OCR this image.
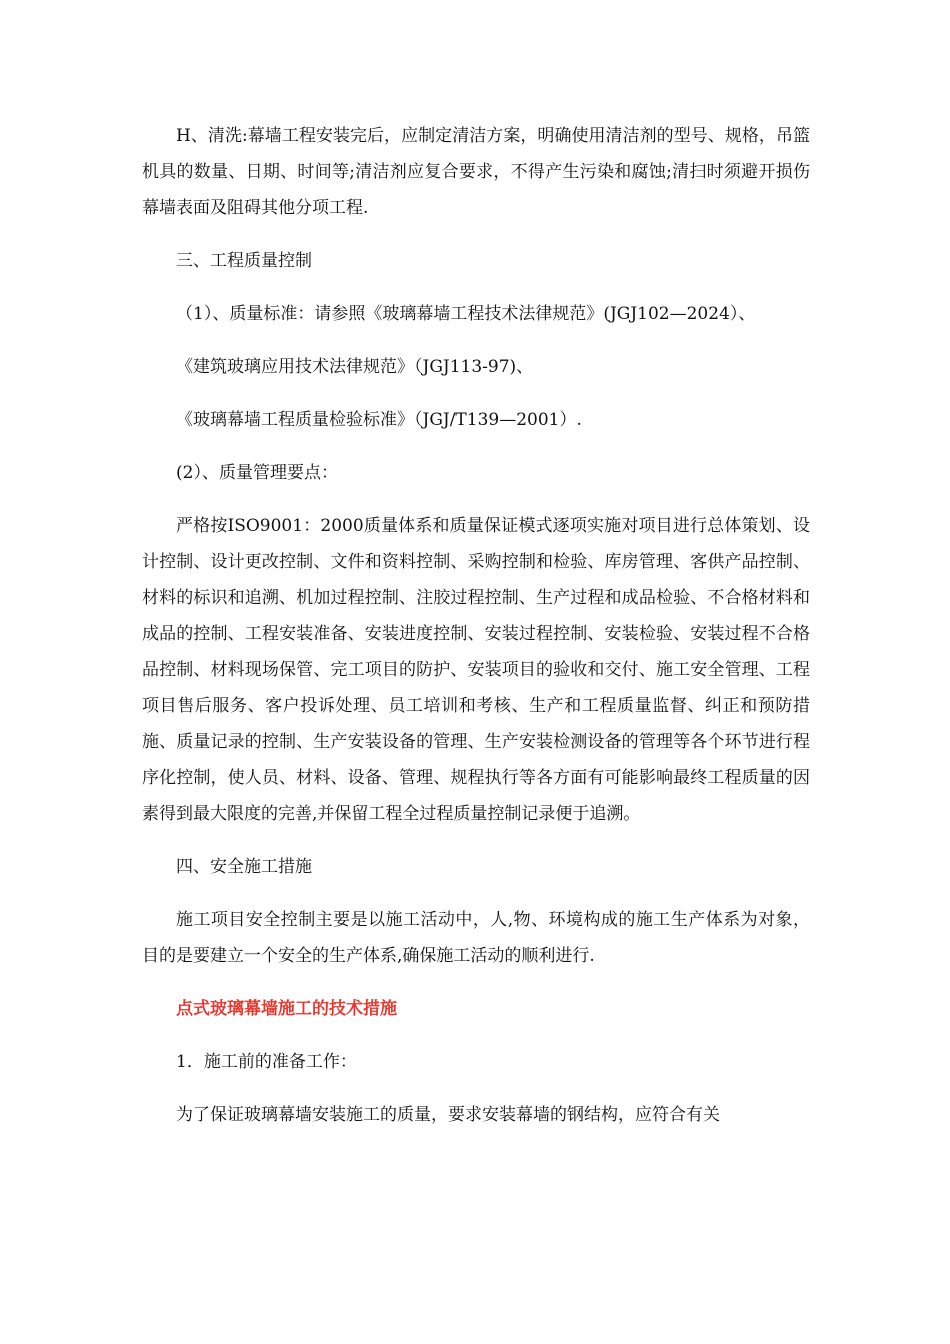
H、清洗:幕墙工程安装完后，应制定清洁方案，明确使用清洁剂的型号、规格，吊篮机具的数量、日期、时间等;清洁剂应复合要求，不得产生污染和腐蚀;清扫时须避开损伤幕墙表面及阻碍其他分项工程.

三、工程质量控制

（1）、质量标准：请参照《玻璃幕墙工程技术法律规范》(JGJ102—2024）、

《建筑玻璃应用技术法律规范》（JGJ113-97)、

《玻璃幕墙工程质量检验标准》（JGJ/T139—2001）.

(2）、质量管理要点：

严格按ISO9001：2000质量体系和质量保证模式逐项实施对项目进行总体策划、设计控制、设计更改控制、文件和资料控制、采购控制和检验、库房管理、客供产品控制、材料的标识和追溯、机加过程控制、注胶过程控制、生产过程和成品检验、不合格材料和成品的控制、工程安装准备、安装进度控制、安装过程控制、安装检验、安装过程不合格品控制、材料现场保管、完工项目的防护、安装项目的验收和交付、施工安全管理、工程项目售后服务、客户投诉处理、员工培训和考核、生产和工程质量监督、纠正和预防措施、质量记录的控制、生产安装设备的管理、生产安装检测设备的管理等各个环节进行程序化控制，使人员、材料、设备、管理、规程执行等各方面有可能影响最终工程质量的因素得到最大限度的完善,并保留工程全过程质量控制记录便于追溯。

四、安全施工措施

施工项目安全控制主要是以施工活动中，人,物、环境构成的施工生产体系为对象，目的是要建立一个安全的生产体系,确保施工活动的顺利进行.

点式玻璃幕墙施工的技术措施

1．施工前的准备工作：

为了保证玻璃幕墙安装施工的质量，要求安装幕墙的钢结构，应符合有关
